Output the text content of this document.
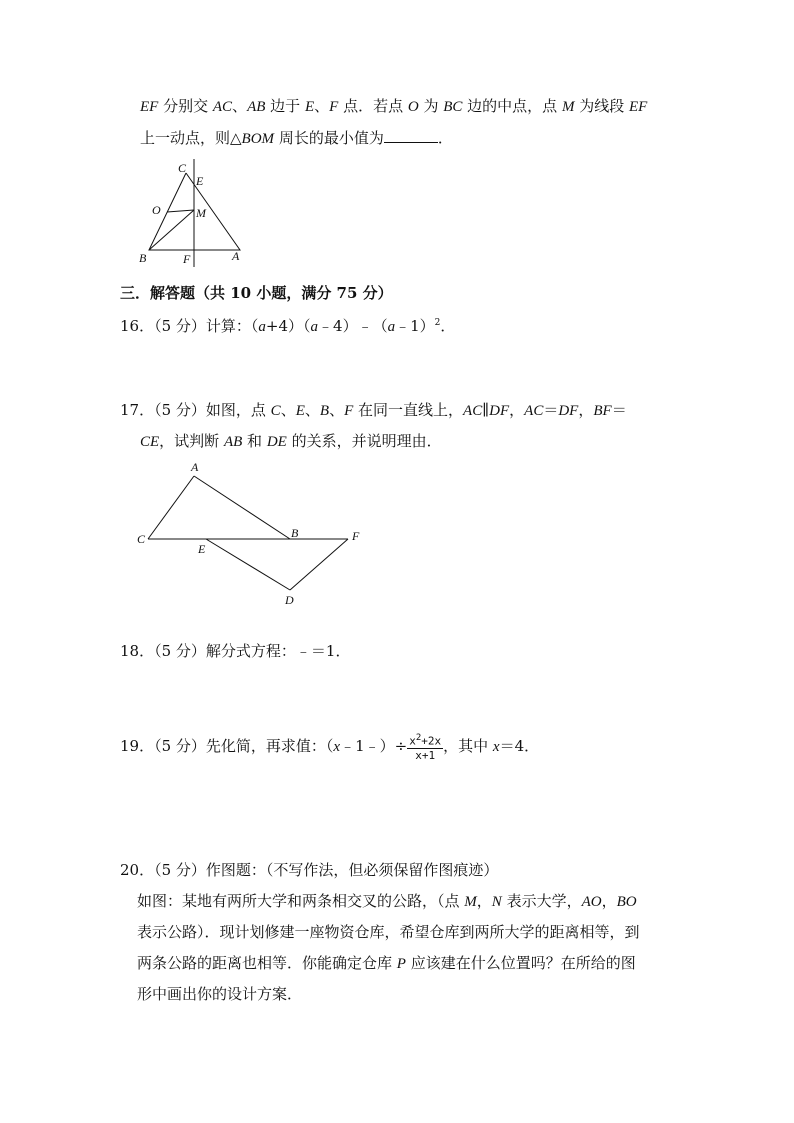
EF 分别交 AC、AB 边于 E、F 点．若点 O 为 BC 边的中点，点 M 为线段 EF
上一动点，则△BOM 周长的最小值为	．
C
E
O	M
B	F	A
三．解答题（共 10 小题，满分 75 分）
16．（5 分）计算：（a+4）（a﹣4）﹣（a﹣1）$^2$．
17．（5 分）如图，点 C、E、B、F 在同一直线上，AC∥DF，AC＝DF，BF＝
CE，试判断 AB 和 DE 的关系，并说明理由．
A
B
C
E
F
D
18．（5 分）解分式方程：﹣＝1．
19．（5 分）先化简，再求值：（x﹣1﹣）÷ $\frac{x^2+2x}{x+1}$ ，其中 x＝4．
20．（5 分）作图题：（不写作法，但必须保留作图痕迹）
如图：某地有两所大学和两条相交叉的公路，（点 M，N 表示大学，AO，BO
表示公路）．现计划修建一座物资仓库，希望仓库到两所大学的距离相等，到
两条公路的距离也相等．你能确定仓库 P 应该建在什么位置吗？在所给的图
形中画出你的设计方案．
